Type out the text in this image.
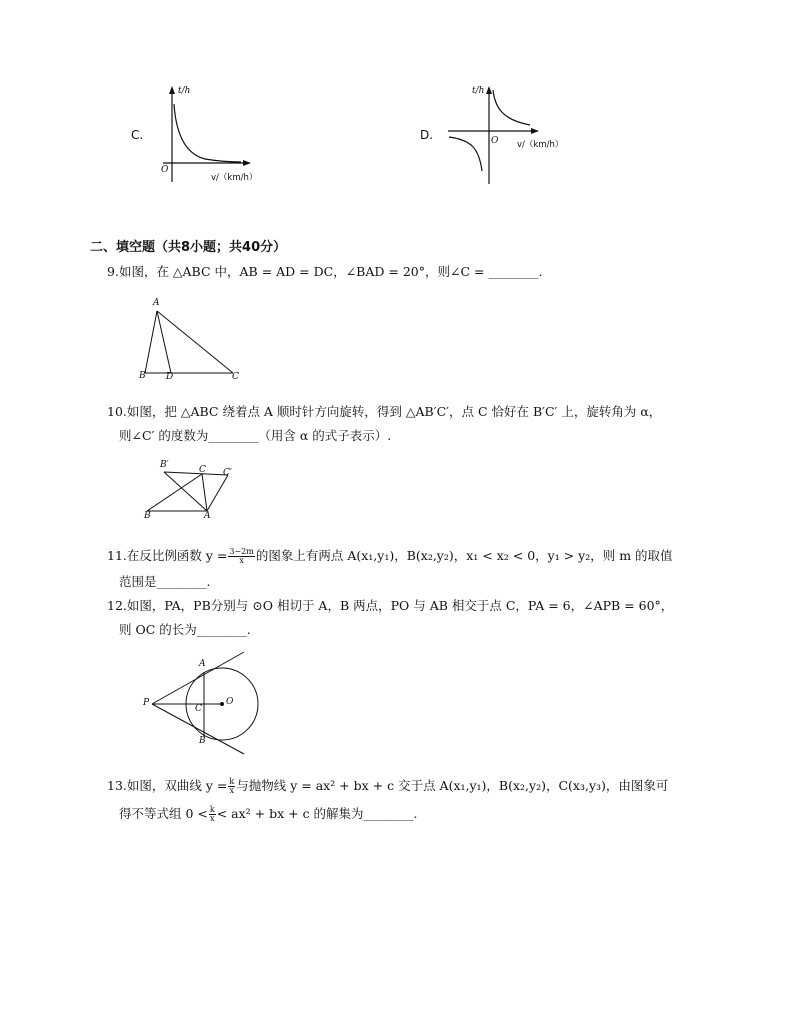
C.
t/h
O
v/（km/h）
D.
t/h
O v/（km/h）
二、填空题（共8小题；共40分）
9.如图，在 △ABC 中，AB = AD = DC，∠BAD = 20°，则∠C = ________.
A
B D	C
10.如图，把 △ABC 绕着点 A 顺时针方向旋转，得到 △AB′C′，点 C 恰好在 B′C′ 上，旋转角为 α，
则∠C′ 的度数为________（用含 α 的式子表示）.
B′	C C′
B	A
11.在反比例函数 $y = \frac{3-2m}{x}$ 的图象上有两点 A(x₁,y₁)，B(x₂,y₂)，x₁ < x₂ < 0，y₁ > y₂，则 m 的取值
范围是________.
12.如图，PA，PB分别与 ⊙O 相切于 A，B 两点，PO 与 AB 相交于点 C，PA = 6，∠APB = 60°，
则 OC 的长为________.
P
A
C
O
B
13.如图，双曲线 $y = \frac{k}{x}$ 与抛物线 y = ax² + bx + c 交于点 A(x₁,y₁)，B(x₂,y₂)，C(x₃,y₃)，由图象可
得不等式组 $0 < \frac{k}{x} < ax^2$ + bx + c 的解集为________.
